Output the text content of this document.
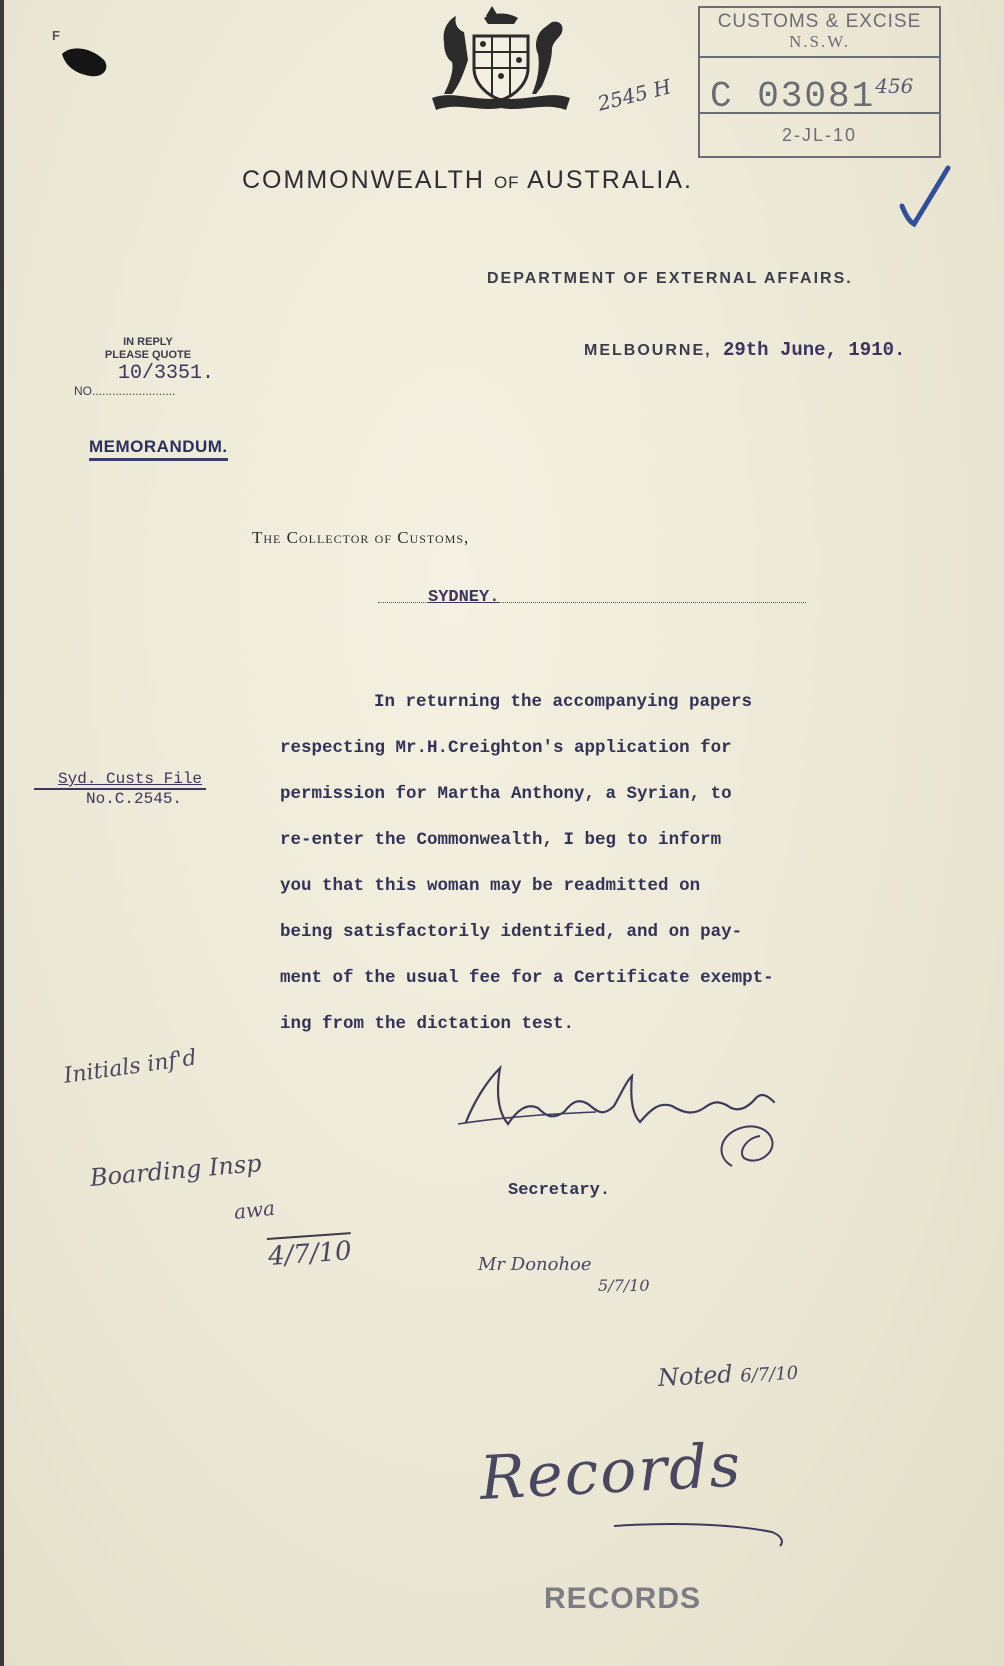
F
2545 H
CUSTOMS & EXCISE
N.S.W.
C 03081$^{456}$
2-JL-10
COMMONWEALTH OF AUSTRALIA.
DEPARTMENT OF EXTERNAL AFFAIRS.
IN REPLY
PLEASE QUOTE
NO.........................
10/3351.
MELBOURNE, 29th June, 1910.
MEMORANDUM.
The Collector of Customs,
SYDNEY.
Syd. Custs File
No.C.2545.

In returning the accompanying papers
respecting Mr.H.Creighton's application for
permission for Martha Anthony, a Syrian, to
re-enter the Commonwealth, I beg to inform
you that this woman may be readmitted on
being satisfactorily identified, and on pay-
ment of the usual fee for a Certificate exempt-
ing from the dictation test.

Initials inf'd	Atlee Hunt
Secretary.
Boarding Insp
awa
4/7/10	Mr Donohoe
5/7/10
Noted 6/7/10
Records
RECORDS
